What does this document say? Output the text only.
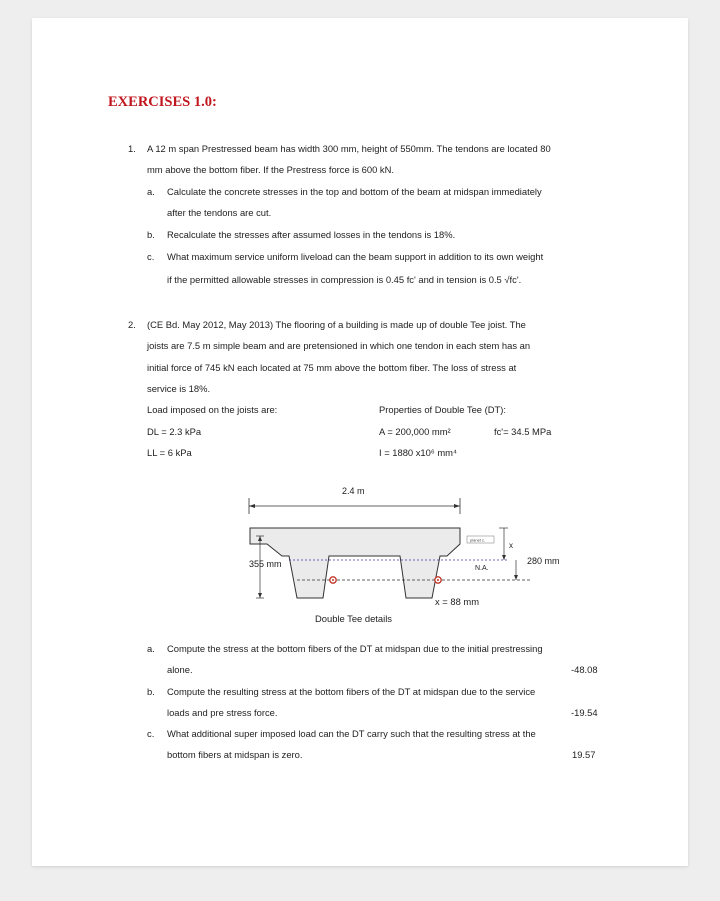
EXERCISES 1.0:
1. A 12 m span Prestressed beam has width 300 mm, height of 550mm. The tendons are located 80
mm above the bottom fiber. If the Prestress force is 600 kN.
a. Calculate the concrete stresses in the top and bottom of the beam at midspan immediately
after the tendons are cut.
b. Recalculate the stresses after assumed losses in the tendons is 18%.
c. What maximum service uniform liveload can the beam support in addition to its own weight
if the permitted allowable stresses in compression is 0.45 fc' and in tension is 0.5 √fc'.
2. (CE Bd. May 2012, May 2013) The flooring of a building is made up of double Tee joist. The
joists are 7.5 m simple beam and are pretensioned in which one tendon in each stem has an
initial force of 745 kN each located at 75 mm above the bottom fiber. The loss of stress at
service is 18%.
Load imposed on the joists are:	Properties of Double Tee (DT):
DL = 2.3 kPa	A = 200,000 mm²	fc'= 34.5 MPa
LL = 6 kPa	I = 1880 x10⁶ mm⁴
2.4 m
355 mm	N.A.
planet c.
x
280 mm
x = 88 mm
Double Tee details
a. Compute the stress at the bottom fibers of the DT at midspan due to the initial prestressing
alone.	-48.08
b. Compute the resulting stress at the bottom fibers of the DT at midspan due to the service
loads and pre stress force.	-19.54
c. What additional super imposed load can the DT carry such that the resulting stress at the
bottom fibers at midspan is zero.	19.57
